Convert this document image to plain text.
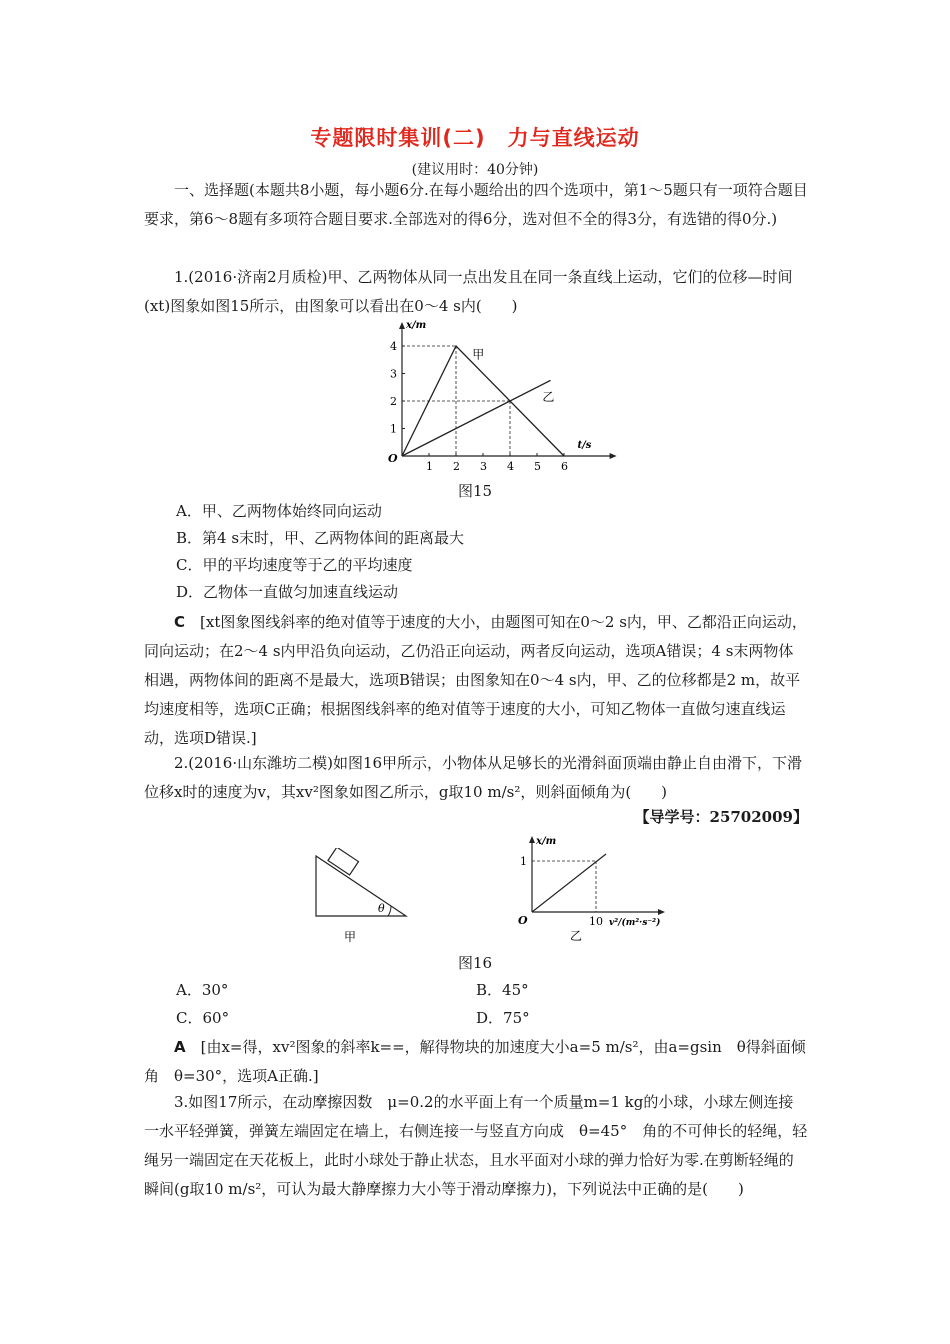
专题限时集训(二)　力与直线运动
(建议用时：40分钟)

一、选择题(本题共8小题，每小题6分.在每小题给出的四个选项中，第1～5题只有一项符合题目要求，第6～8题有多项符合题目要求.全部选对的得6分，选对但不全的得3分，有选错的得0分.)

1.(2016·济南2月质检)甲、乙两物体从同一点出发且在同一条直线上运动，它们的位移—时间(xt)图象如图15所示，由图象可以看出在0～4 s内(　　)

1 2 3 4 5 6
1
2
3
4
甲
乙
x/m
t/s
O
图15
A．甲、乙两物体始终同向运动
B．第4 s末时，甲、乙两物体间的距离最大
C．甲的平均速度等于乙的平均速度
D．乙物体一直做匀加速直线运动

C　 [xt图象图线斜率的绝对值等于速度的大小，由题图可知在0～2 s内，甲、乙都沿正向运动，同向运动；在2～4 s内甲沿负向运动，乙仍沿正向运动，两者反向运动，选项A错误；4 s末两物体相遇，两物体间的距离不是最大，选项B错误；由图象知在0～4 s内，甲、乙的位移都是2 m，故平均速度相等，选项C正确；根据图线斜率的绝对值等于速度的大小，可知乙物体一直做匀速直线运动，选项D错误.]

2.(2016·山东潍坊二模)如图16甲所示，小物体从足够长的光滑斜面顶端由静止自由滑下，下滑位移x时的速度为v，其xv²图象如图乙所示，g取10 m/s²，则斜面倾角为(　　)

【导学号：25702009】
θ
甲
x/m
1
O	10 v²/(m²·s⁻²)
乙
图16
A．30°	B．45°
C．60°	D．75°

A　 [由x=得，xv²图象的斜率k==，解得物块的加速度大小a=5 m/s²，由a=gsin　θ得斜面倾角　θ=30°，选项A正确.]

3.如图17所示，在动摩擦因数　μ=0.2的水平面上有一个质量m=1 kg的小球，小球左侧连接一水平轻弹簧，弹簧左端固定在墙上，右侧连接一与竖直方向成　θ=45°　角的不可伸长的轻绳，轻绳另一端固定在天花板上，此时小球处于静止状态，且水平面对小球的弹力恰好为零.在剪断轻绳的瞬间(g取10 m/s²，可认为最大静摩擦力大小等于滑动摩擦力)，下列说法中正确的是(　　)
